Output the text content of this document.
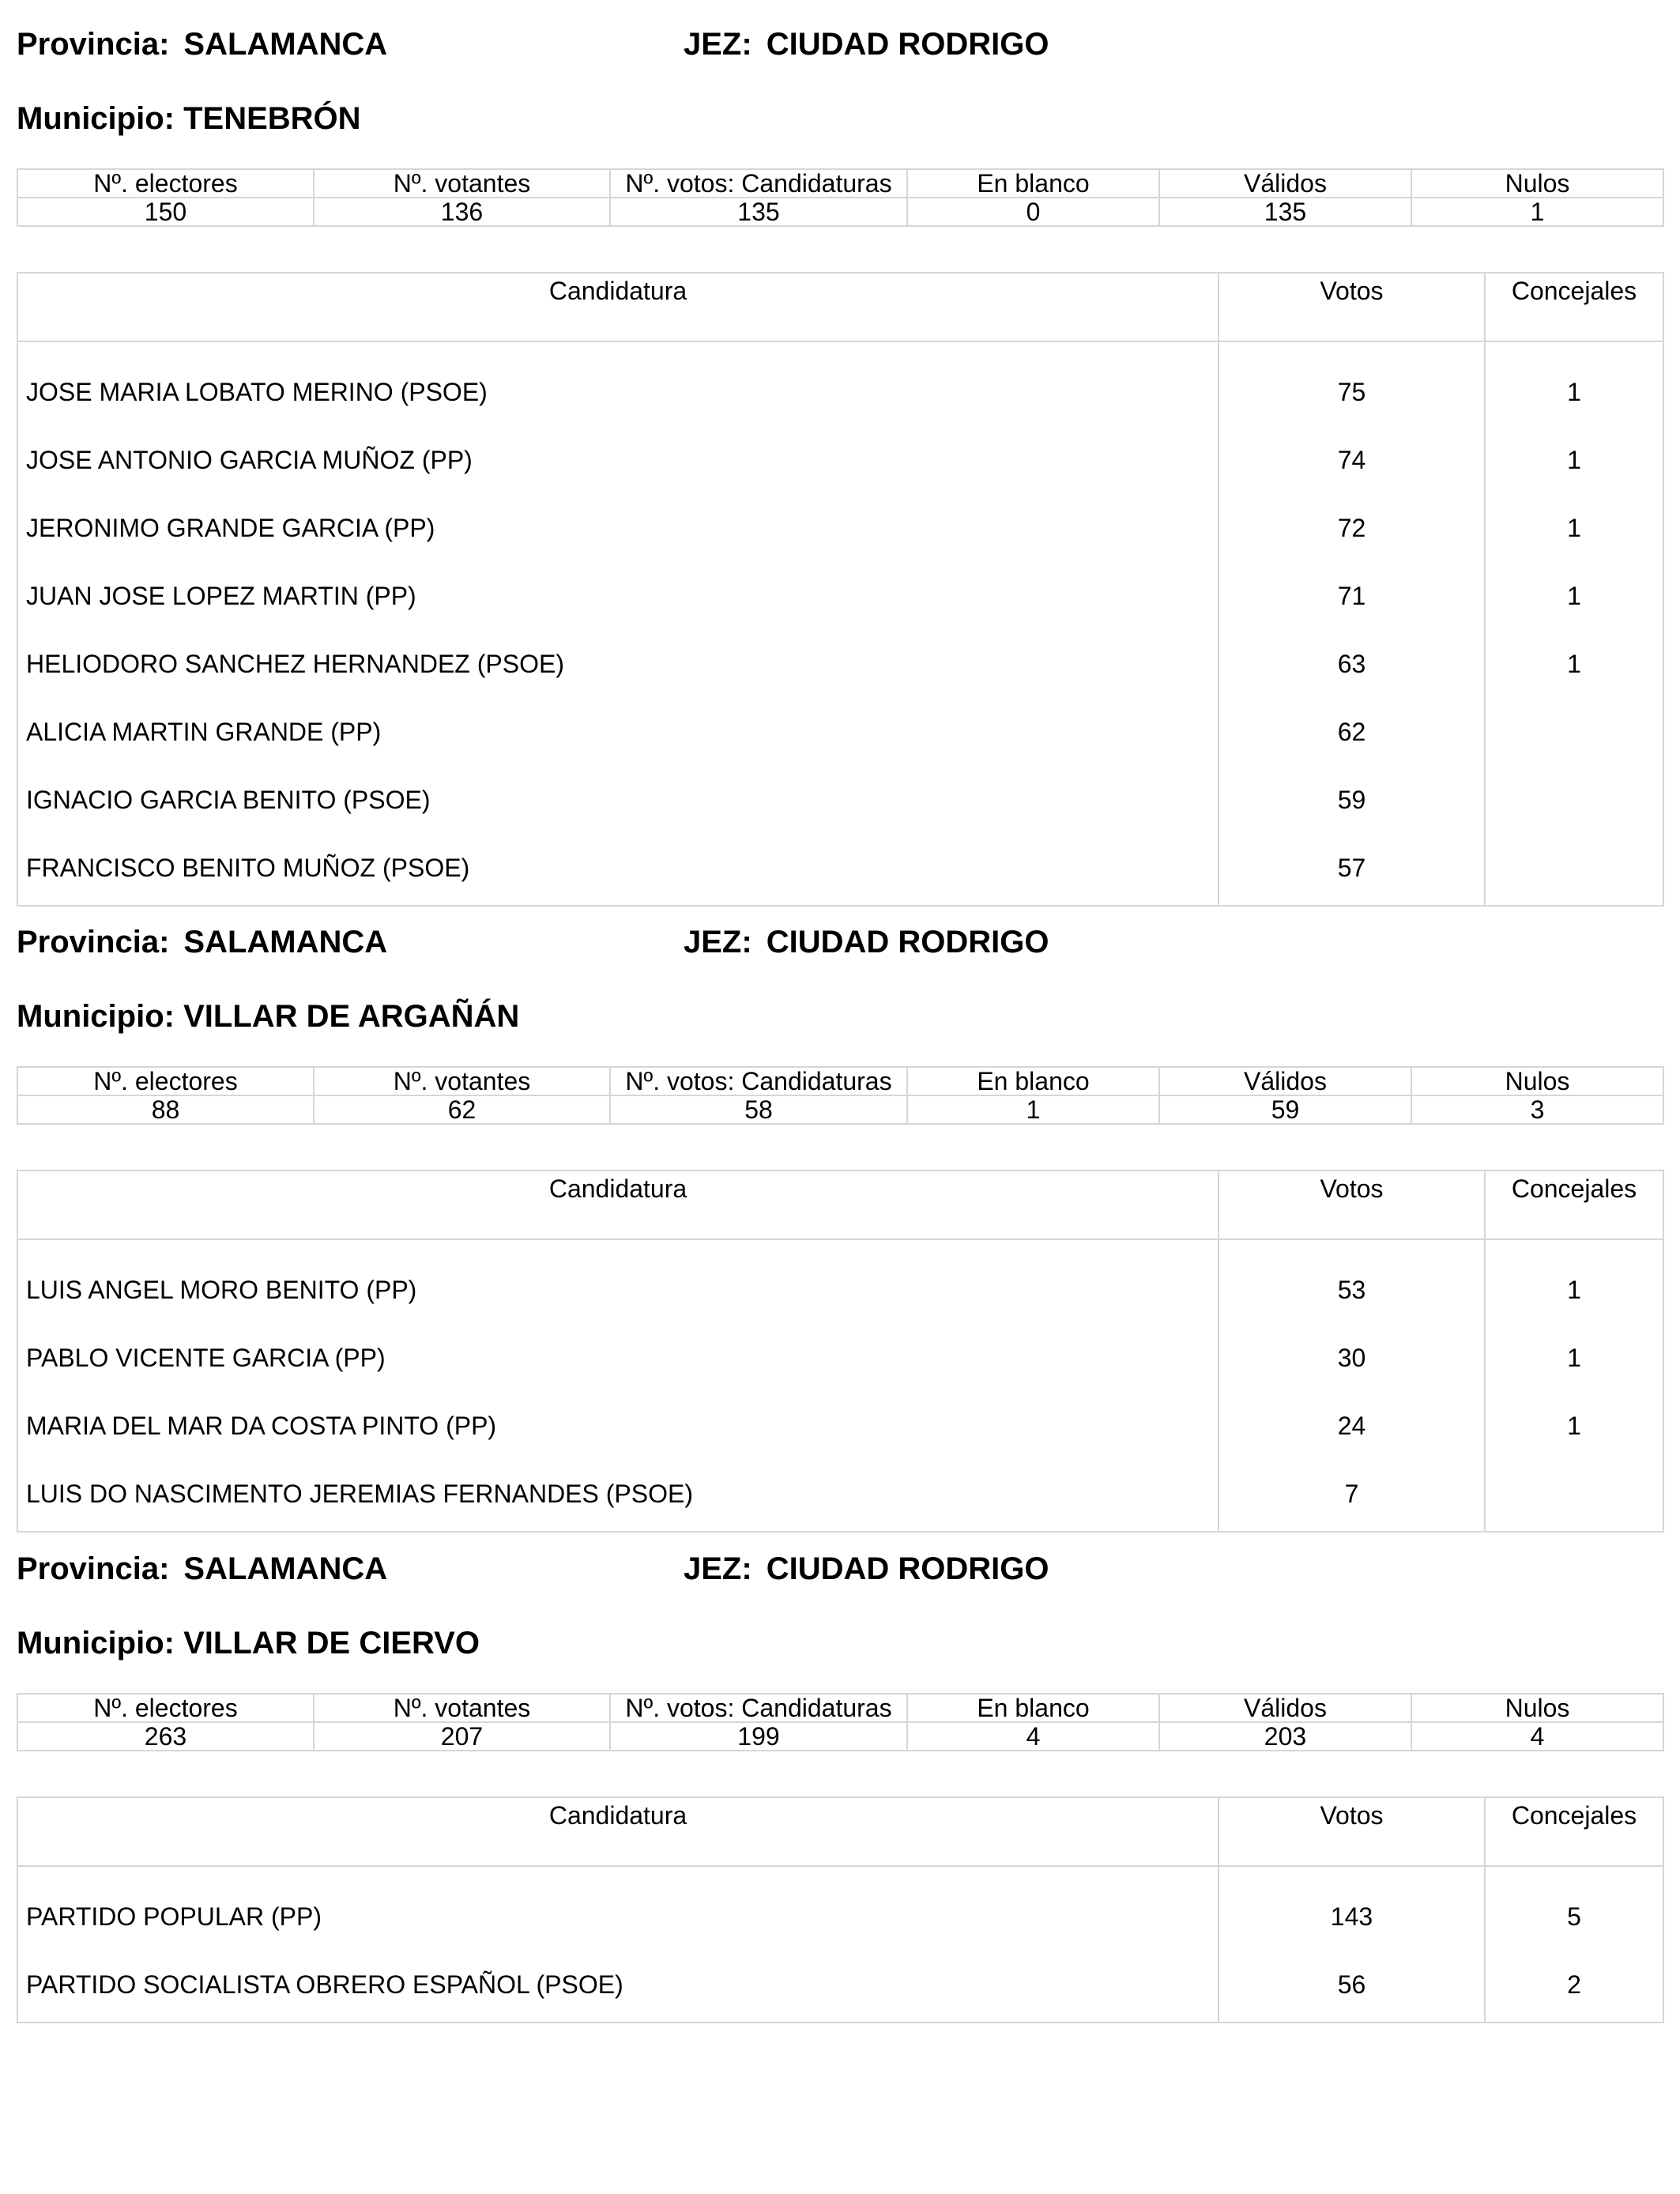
Provincia: SALAMANCA	JEZ: CIUDAD RODRIGO
Municipio: TENEBRÓN
Nº. electores	Nº. votantes	Nº. votos: Candidaturas	En blanco	Válidos	Nulos
150	136	135	0	135	1
Candidatura	Votos	Concejales
JOSE MARIA LOBATO MERINO (PSOE)	75	1
JOSE ANTONIO GARCIA MUÑOZ (PP)	74	1
JERONIMO GRANDE GARCIA (PP)	72	1
JUAN JOSE LOPEZ MARTIN (PP)	71	1
HELIODORO SANCHEZ HERNANDEZ (PSOE)	63	1
ALICIA MARTIN GRANDE (PP)	62	
IGNACIO GARCIA BENITO (PSOE)	59	
FRANCISCO BENITO MUÑOZ (PSOE)	57	
Provincia: SALAMANCA	JEZ: CIUDAD RODRIGO
Municipio: VILLAR DE ARGAÑÁN
Nº. electores	Nº. votantes	Nº. votos: Candidaturas	En blanco	Válidos	Nulos
88	62	58	1	59	3
Candidatura	Votos	Concejales
LUIS ANGEL MORO BENITO (PP)	53	1
PABLO VICENTE GARCIA (PP)	30	1
MARIA DEL MAR DA COSTA PINTO (PP)	24	1
LUIS DO NASCIMENTO JEREMIAS FERNANDES (PSOE)	7	
Provincia: SALAMANCA	JEZ: CIUDAD RODRIGO
Municipio: VILLAR DE CIERVO
Nº. electores	Nº. votantes	Nº. votos: Candidaturas	En blanco	Válidos	Nulos
263	207	199	4	203	4
Candidatura	Votos	Concejales
PARTIDO POPULAR (PP)	143	5
PARTIDO SOCIALISTA OBRERO ESPAÑOL (PSOE)	56	2
